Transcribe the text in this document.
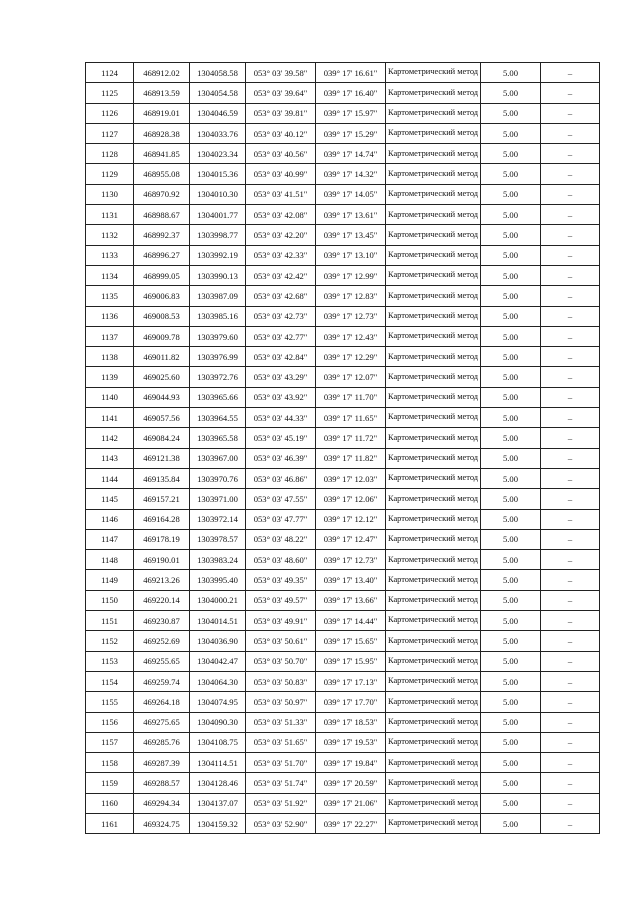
1124	468912.02	1304058.58	053° 03' 39.58"	039° 17' 16.61"	Картометрический метод	5.00	–
1125	468913.59	1304054.58	053° 03' 39.64"	039° 17' 16.40"	Картометрический метод	5.00	–
1126	468919.01	1304046.59	053° 03' 39.81"	039° 17' 15.97"	Картометрический метод	5.00	–
1127	468928.38	1304033.76	053° 03' 40.12"	039° 17' 15.29"	Картометрический метод	5.00	–
1128	468941.85	1304023.34	053° 03' 40.56"	039° 17' 14.74"	Картометрический метод	5.00	–
1129	468955.08	1304015.36	053° 03' 40.99"	039° 17' 14.32"	Картометрический метод	5.00	–
1130	468970.92	1304010.30	053° 03' 41.51"	039° 17' 14.05"	Картометрический метод	5.00	–
1131	468988.67	1304001.77	053° 03' 42.08"	039° 17' 13.61"	Картометрический метод	5.00	–
1132	468992.37	1303998.77	053° 03' 42.20"	039° 17' 13.45"	Картометрический метод	5.00	–
1133	468996.27	1303992.19	053° 03' 42.33"	039° 17' 13.10"	Картометрический метод	5.00	–
1134	468999.05	1303990.13	053° 03' 42.42"	039° 17' 12.99"	Картометрический метод	5.00	–
1135	469006.83	1303987.09	053° 03' 42.68"	039° 17' 12.83"	Картометрический метод	5.00	–
1136	469008.53	1303985.16	053° 03' 42.73"	039° 17' 12.73"	Картометрический метод	5.00	–
1137	469009.78	1303979.60	053° 03' 42.77"	039° 17' 12.43"	Картометрический метод	5.00	–
1138	469011.82	1303976.99	053° 03' 42.84"	039° 17' 12.29"	Картометрический метод	5.00	–
1139	469025.60	1303972.76	053° 03' 43.29"	039° 17' 12.07"	Картометрический метод	5.00	–
1140	469044.93	1303965.66	053° 03' 43.92"	039° 17' 11.70"	Картометрический метод	5.00	–
1141	469057.56	1303964.55	053° 03' 44.33"	039° 17' 11.65"	Картометрический метод	5.00	–
1142	469084.24	1303965.58	053° 03' 45.19"	039° 17' 11.72"	Картометрический метод	5.00	–
1143	469121.38	1303967.00	053° 03' 46.39"	039° 17' 11.82"	Картометрический метод	5.00	–
1144	469135.84	1303970.76	053° 03' 46.86"	039° 17' 12.03"	Картометрический метод	5.00	–
1145	469157.21	1303971.00	053° 03' 47.55"	039° 17' 12.06"	Картометрический метод	5.00	–
1146	469164.28	1303972.14	053° 03' 47.77"	039° 17' 12.12"	Картометрический метод	5.00	–
1147	469178.19	1303978.57	053° 03' 48.22"	039° 17' 12.47"	Картометрический метод	5.00	–
1148	469190.01	1303983.24	053° 03' 48.60"	039° 17' 12.73"	Картометрический метод	5.00	–
1149	469213.26	1303995.40	053° 03' 49.35"	039° 17' 13.40"	Картометрический метод	5.00	–
1150	469220.14	1304000.21	053° 03' 49.57"	039° 17' 13.66"	Картометрический метод	5.00	–
1151	469230.87	1304014.51	053° 03' 49.91"	039° 17' 14.44"	Картометрический метод	5.00	–
1152	469252.69	1304036.90	053° 03' 50.61"	039° 17' 15.65"	Картометрический метод	5.00	–
1153	469255.65	1304042.47	053° 03' 50.70"	039° 17' 15.95"	Картометрический метод	5.00	–
1154	469259.74	1304064.30	053° 03' 50.83"	039° 17' 17.13"	Картометрический метод	5.00	–
1155	469264.18	1304074.95	053° 03' 50.97"	039° 17' 17.70"	Картометрический метод	5.00	–
1156	469275.65	1304090.30	053° 03' 51.33"	039° 17' 18.53"	Картометрический метод	5.00	–
1157	469285.76	1304108.75	053° 03' 51.65"	039° 17' 19.53"	Картометрический метод	5.00	–
1158	469287.39	1304114.51	053° 03' 51.70"	039° 17' 19.84"	Картометрический метод	5.00	–
1159	469288.57	1304128.46	053° 03' 51.74"	039° 17' 20.59"	Картометрический метод	5.00	–
1160	469294.34	1304137.07	053° 03' 51.92"	039° 17' 21.06"	Картометрический метод	5.00	–
1161	469324.75	1304159.32	053° 03' 52.90"	039° 17' 22.27"	Картометрический метод	5.00	–
